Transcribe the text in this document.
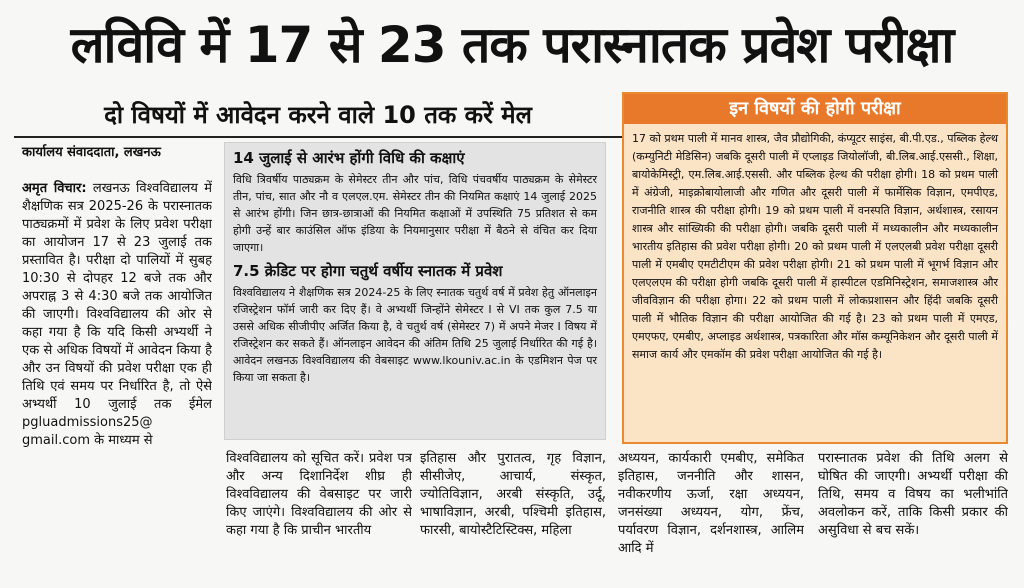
लविवि में 17 से 23 तक परास्नातक प्रवेश परीक्षा
दो विषयों में आवेदन करने वाले 10 तक करें मेल
कार्यालय संवाददाता, लखनऊ
अमृत विचार: लखनऊ विश्वविद्यालय में शैक्षणिक सत्र 2025-26 के परास्नातक पाठ्यक्रमों में प्रवेश के लिए प्रवेश परीक्षा का आयोजन 17 से 23 जुलाई तक प्रस्तावित है। परीक्षा दो पालियों में सुबह 10:30 से दोपहर 12 बजे तक और अपराह्न 3 से 4:30 बजे तक आयोजित की जाएगी। विश्वविद्यालय की ओर से कहा गया है कि यदि किसी अभ्यर्थी ने एक से अधिक विषयों में आवेदन किया है और उन विषयों की प्रवेश परीक्षा एक ही तिथि एवं समय पर निर्धारित है, तो ऐसे अभ्यर्थी 10 जुलाई तक ईमेल pgluadmissions25@ gmail.com के माध्यम से
14 जुलाई से आरंभ होंगी विधि की कक्षाएं
विधि त्रिवर्षीय पाठ्यक्रम के सेमेस्टर तीन और पांच, विधि पंचवर्षीय पाठ्यक्रम के सेमेस्टर तीन, पांच, सात और नौ व एलएल.एम. सेमेस्टर तीन की नियमित कक्षाएं 14 जुलाई 2025 से आरंभ होंगी। जिन छात्र-छात्राओं की नियमित कक्षाओं में उपस्थिति 75 प्रतिशत से कम होगी उन्हें बार काउंसिल ऑफ इंडिया के नियमानुसार परीक्षा में बैठने से वंचित कर दिया जाएगा।
7.5 क्रेडिट पर होगा चतुर्थ वर्षीय स्नातक में प्रवेश
विश्वविद्यालय ने शैक्षणिक सत्र 2024-25 के लिए स्नातक चतुर्थ वर्ष में प्रवेश हेतु ऑनलाइन रजिस्ट्रेशन फॉर्म जारी कर दिए हैं। वे अभ्यर्थी जिन्होंने सेमेस्टर I से VI तक कुल 7.5 या उससे अधिक सीजीपीए अर्जित किया है, वे चतुर्थ वर्ष (सेमेस्टर 7) में अपने मेजर I विषय में रजिस्ट्रेशन कर सकते हैं। ऑनलाइन आवेदन की अंतिम तिथि 25 जुलाई निर्धारित की गई है। आवेदन लखनऊ विश्वविद्यालय की वेबसाइट www.lkouniv.ac.in के एडमिशन पेज पर किया जा सकता है।
इन विषयों की होगी परीक्षा
17 को प्रथम पाली में मानव शास्त्र, जैव प्रौद्योगिकी, कंप्यूटर साइंस, बी.पी.एड., पब्लिक हेल्थ (कम्युनिटी मेडिसिन) जबकि दूसरी पाली में एप्लाइड जियोलॉजी, बी.लिब.आई.एससी., शिक्षा, बायोकेमिस्ट्री, एम.लिब.आई.एससी. और पब्लिक हेल्थ की परीक्षा होगी। 18 को प्रथम पाली में अंग्रेजी, माइक्रोबायोलाजी और गणित और दूसरी पाली में फार्मेसिक विज्ञान, एमपीएड, राजनीति शास्त्र की परीक्षा होगी। 19 को प्रथम पाली में वनस्पति विज्ञान, अर्थशास्त्र, रसायन शास्त्र और सांख्यिकी की परीक्षा होगी। जबकि दूसरी पाली में मध्यकालीन और मध्यकालीन भारतीय इतिहास की प्रवेश परीक्षा होगी। 20 को प्रथम पाली में एलएलबी प्रवेश परीक्षा दूसरी पाली में एमबीए एमटीटीएम की प्रवेश परीक्षा होगी। 21 को प्रथम पाली में भूगर्भ विज्ञान और एलएलएम की परीक्षा होगी जबकि दूसरी पाली में हास्पीटल एडमिनिस्ट्रेशन, समाजशास्त्र और जीवविज्ञान की परीक्षा होगा। 22 को प्रथम पाली में लोकप्रशासन और हिंदी जबकि दूसरी पाली में भौतिक विज्ञान की परीक्षा आयोजित की गई है। 23 को प्रथम पाली में एमएड, एमएफए, एमबीए, अप्लाइड अर्थशास्त्र, पत्रकारिता और मॉस कम्यूनिकेशन और दूसरी पाली में समाज कार्य और एमकॉम की प्रवेश परीक्षा आयोजित की गई है।
विश्वविद्यालय को सूचित करें। प्रवेश पत्र और अन्य दिशानिर्देश शीघ्र ही विश्वविद्यालय की वेबसाइट पर जारी किए जाएंगे। विश्वविद्यालय की ओर से कहा गया है कि प्राचीन भारतीय
इतिहास और पुरातत्व, गृह विज्ञान, सीसीजेए, आचार्य, संस्कृत, ज्योतिविज्ञान, अरबी संस्कृति, उर्दू, भाषाविज्ञान, अरबी, पश्चिमी इतिहास, फारसी, बायोस्टैटिस्टिक्स, महिला
अध्ययन, कार्यकारी एमबीए, समेकित इतिहास, जननीति और शासन, नवीकरणीय ऊर्जा, रक्षा अध्ययन, जनसंख्या अध्ययन, योग, फ्रेंच, पर्यावरण विज्ञान, दर्शनशास्त्र, आलिम आदि में
परास्नातक प्रवेश की तिथि अलग से घोषित की जाएगी। अभ्यर्थी परीक्षा की तिथि, समय व विषय का भलीभांति अवलोकन करें, ताकि किसी प्रकार की असुविधा से बच सकें।
